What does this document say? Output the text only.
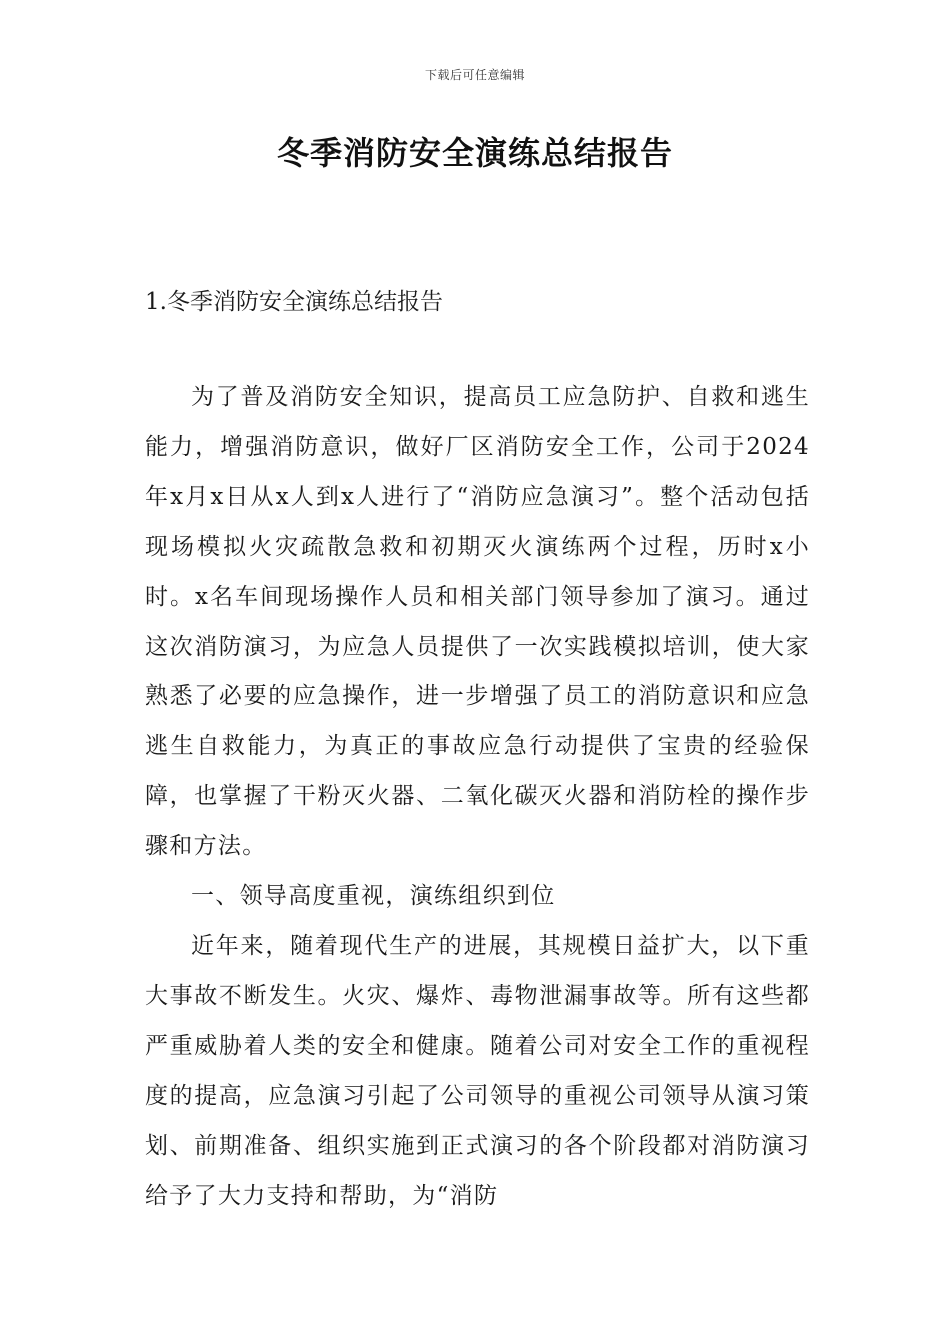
下载后可任意编辑
冬季消防安全演练总结报告
1.冬季消防安全演练总结报告

为了普及消防安全知识，提高员工应急防护、自救和逃生能力，增强消防意识，做好厂区消防安全工作，公司于2024年x月x日从x人到x人进行了“消防应急演习”。整个活动包括现场模拟火灾疏散急救和初期灭火演练两个过程，历时x小时。x名车间现场操作人员和相关部门领导参加了演习。通过这次消防演习，为应急人员提供了一次实践模拟培训，使大家熟悉了必要的应急操作，进一步增强了员工的消防意识和应急逃生自救能力，为真正的事故应急行动提供了宝贵的经验保障，也掌握了干粉灭火器、二氧化碳灭火器和消防栓的操作步骤和方法。

一、领导高度重视，演练组织到位

近年来，随着现代生产的进展，其规模日益扩大，以下重大事故不断发生。火灾、爆炸、毒物泄漏事故等。所有这些都严重威胁着人类的安全和健康。随着公司对安全工作的重视程度的提高，应急演习引起了公司领导的重视公司领导从演习策划、前期准备、组织实施到正式演习的各个阶段都对消防演习给予了大力支持和帮助，为“消防
